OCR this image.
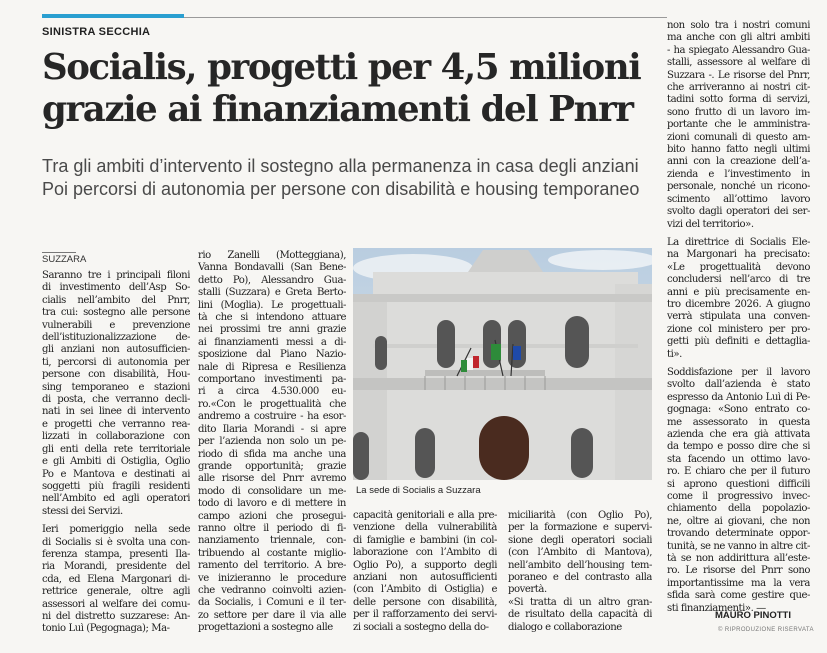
SINISTRA SECCHIA
Socialis, progetti per 4,5 milioni
grazie ai finanziamenti del Pnrr
Tra gli ambiti d’intervento il sostegno alla permanenza in casa degli anziani
Poi percorsi di autonomia per persone con disabilità e housing temporaneo
SUZZARA
Saranno tre i principali filoni
di investimento dell’Asp So-
cialis nell’ambito del Pnrr,
tra cui: sostegno alle persone
vulnerabili e prevenzione
dell’istituzionalizzazione de-
gli anziani non autosufficien-
ti, percorsi di autonomia per
persone con disabilità, Hou-
sing temporaneo e stazioni
di posta, che verranno decli-
nati in sei linee di intervento
e progetti che verranno rea-
lizzati in collaborazione con
gli enti della rete territoriale
e gli Ambiti di Ostiglia, Oglio
Po e Mantova e destinati ai
soggetti più fragili residenti
nell’Ambito ed agli operatori
stessi dei Servizi.
Ieri pomeriggio nella sede
di Socialis si è svolta una con-
ferenza stampa, presenti Ila-
ria Morandi, presidente del
cda, ed Elena Margonari di-
rettrice generale, oltre agli
assessori al welfare dei comu-
ni del distretto suzzarese: An-
tonio Luì (Pegognaga); Ma-
rio Zanelli (Motteggiana),
Vanna Bondavalli (San Bene-
detto Po), Alessandro Gua-
stalli (Suzzara) e Greta Berto-
lini (Moglia). Le progettuali-
tà che si intendono attuare
nei prossimi tre anni grazie
ai finanziamenti messi a di-
sposizione dal Piano Nazio-
nale di Ripresa e Resilienza
comportano investimenti pa-
ri a circa 4.530.000 eu-
ro.«Con le progettualità che
andremo a costruire - ha esor-
dito Ilaria Morandi - si apre
per l’azienda non solo un pe-
riodo di sfida ma anche una
grande opportunità; grazie
alle risorse del Pnrr avremo
modo di consolidare un me-
todo di lavoro e di mettere in
campo azioni che prosegui-
ranno oltre il periodo di fi-
nanziamento triennale, con-
tribuendo al costante miglio-
ramento del territorio. A bre-
ve inizieranno le procedure
che vedranno coinvolti azien-
da Socialis, i Comuni e il ter-
zo settore per dare il via alle
progettazioni a sostegno alle
La sede di Socialis a Suzzara
capacità genitoriali e alla pre-
venzione della vulnerabilità
di famiglie e bambini (in col-
laborazione con l’Ambito di
Oglio Po), a supporto degli
anziani non autosufficienti
(con l’Ambito di Ostiglia) e
delle persone con disabilità,
per il rafforzamento dei servi-
zi sociali a sostegno della do-
miciliarità (con Oglio Po),
per la formazione e supervi-
sione degli operatori sociali
(con l’Ambito di Mantova),
nell’ambito dell’housing tem-
poraneo e del contrasto alla
povertà.
«Si tratta di un altro gran-
de risultato della capacità di
dialogo e collaborazione
non solo tra i nostri comuni
ma anche con gli altri ambiti
- ha spiegato Alessandro Gua-
stalli, assessore al welfare di
Suzzara -. Le risorse del Pnrr,
che arriveranno ai nostri cit-
tadini sotto forma di servizi,
sono frutto di un lavoro im-
portante che le amministra-
zioni comunali di questo am-
bito hanno fatto negli ultimi
anni con la creazione dell’a-
zienda e l’investimento in
personale, nonché un ricono-
scimento all’ottimo lavoro
svolto dagli operatori dei ser-
vizi del territorio».
La direttrice di Socialis Ele-
na Margonari ha precisato:
«Le progettualità devono
concludersi nell’arco di tre
anni e più precisamente en-
tro dicembre 2026. A giugno
verrà stipulata una conven-
zione col ministero per pro-
getti più definiti e dettaglia-
ti».
Soddisfazione per il lavoro
svolto dall’azienda è stato
espresso da Antonio Luì di Pe-
gognaga: «Sono entrato co-
me assessorato in questa
azienda che era già attivata
da tempo e posso dire che si
sta facendo un ottimo lavo-
ro. È chiaro che per il futuro
si aprono questioni difficili
come il progressivo invec-
chiamento della popolazio-
ne, oltre ai giovani, che non
trovando determinate oppor-
tunità, se ne vanno in altre cit-
tà se non addirittura all’este-
ro. Le risorse del Pnrr sono
importantissime ma la vera
sfida sarà come gestire que-
sti finanziamenti». —
MAURO PINOTTI
© RIPRODUZIONE RISERVATA
